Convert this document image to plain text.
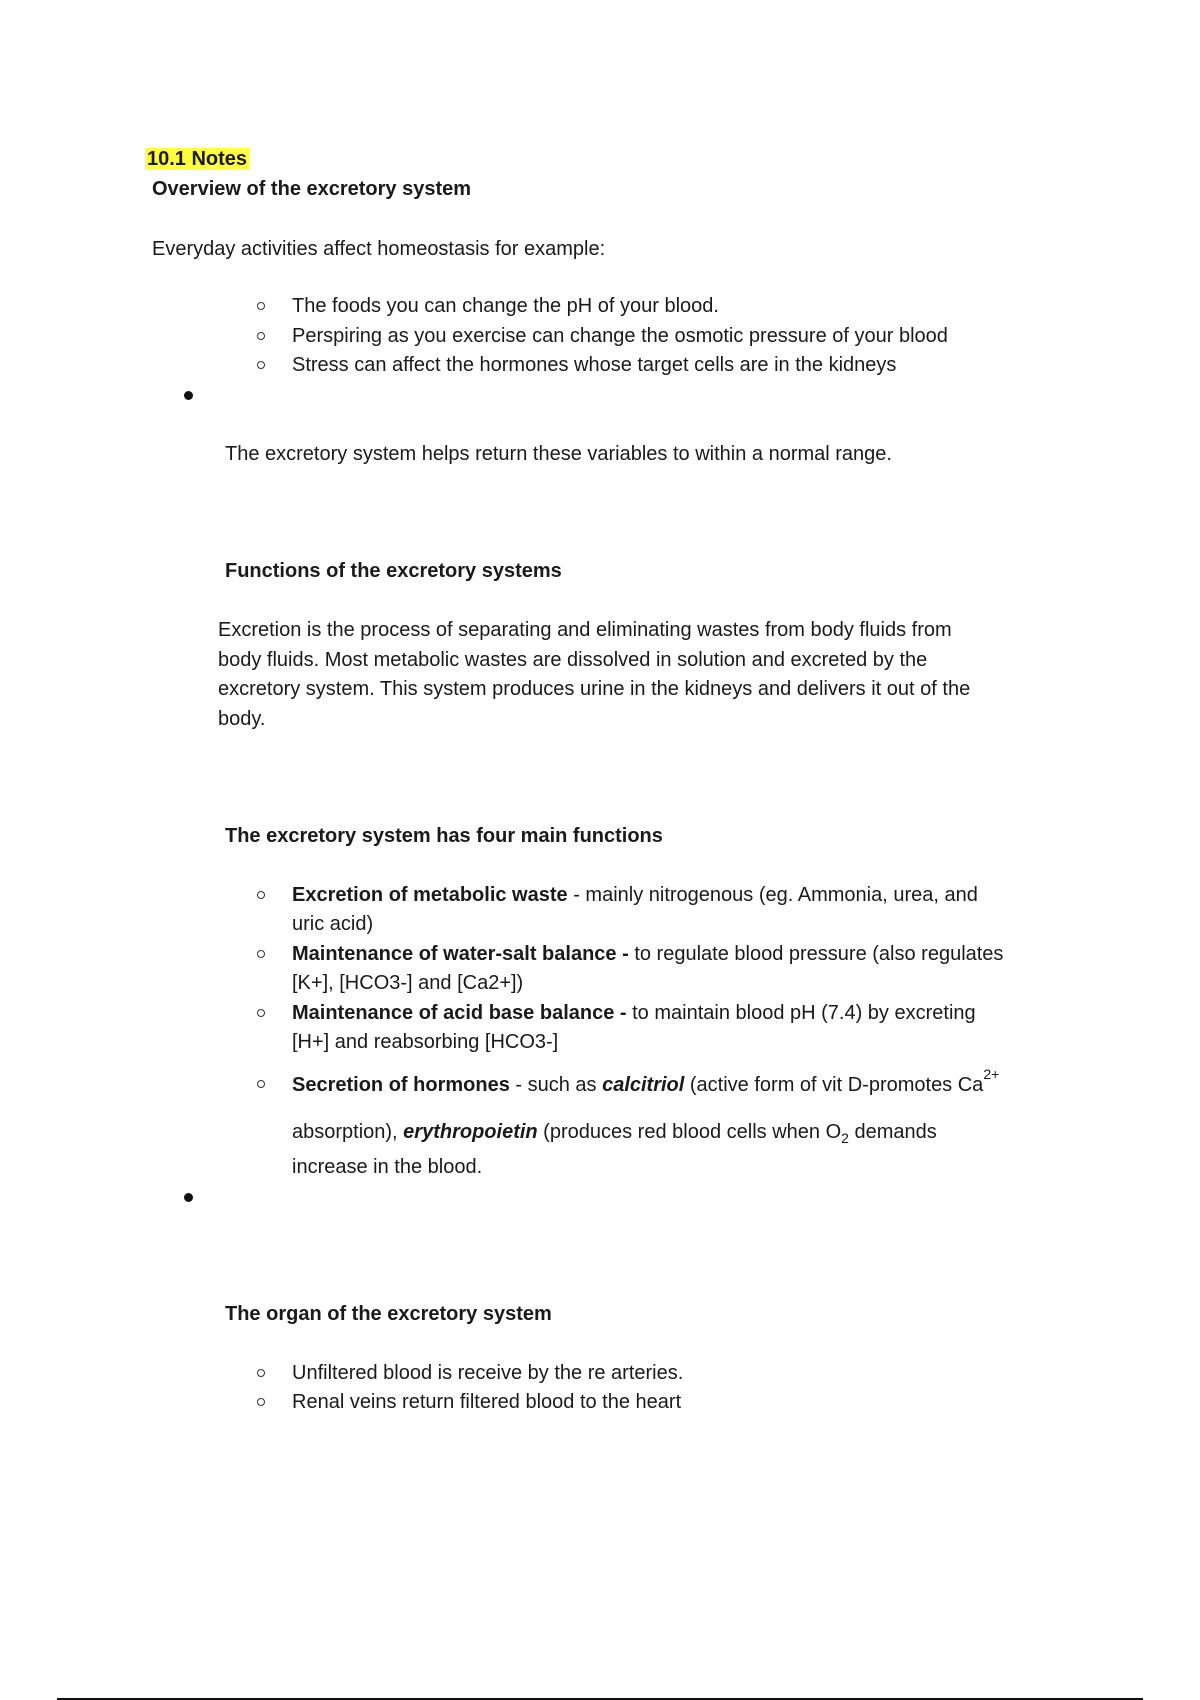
10.1 Notes
Overview of the excretory system
Everyday activities affect homeostasis for example:
The foods you can change the pH of your blood.
Perspiring as you exercise can change the osmotic pressure of your blood
Stress can affect the hormones whose target cells are in the kidneys
The excretory system helps return these variables to within a normal range.
Functions of the excretory systems
Excretion is the process of separating and eliminating wastes from body fluids from
body fluids. Most metabolic wastes are dissolved in solution and excreted by the
excretory system. This system produces urine in the kidneys and delivers it out of the
body.
The excretory system has four main functions
Excretion of metabolic waste - mainly nitrogenous (eg. Ammonia, urea, and
uric acid)
Maintenance of water-salt balance - to regulate blood pressure (also regulates
[K+], [HCO3-] and [Ca2+])
Maintenance of acid base balance - to maintain blood pH (7.4) by excreting
[H+] and reabsorbing [HCO3-]
Secretion of hormones - such as calcitriol (active form of vit D-promotes $Ca^{2+}$
absorption), erythropoietin (produces red blood cells when $O_2$ demands
increase in the blood.
The organ of the excretory system
Unfiltered blood is receive by the re arteries.
Renal veins return filtered blood to the heart
